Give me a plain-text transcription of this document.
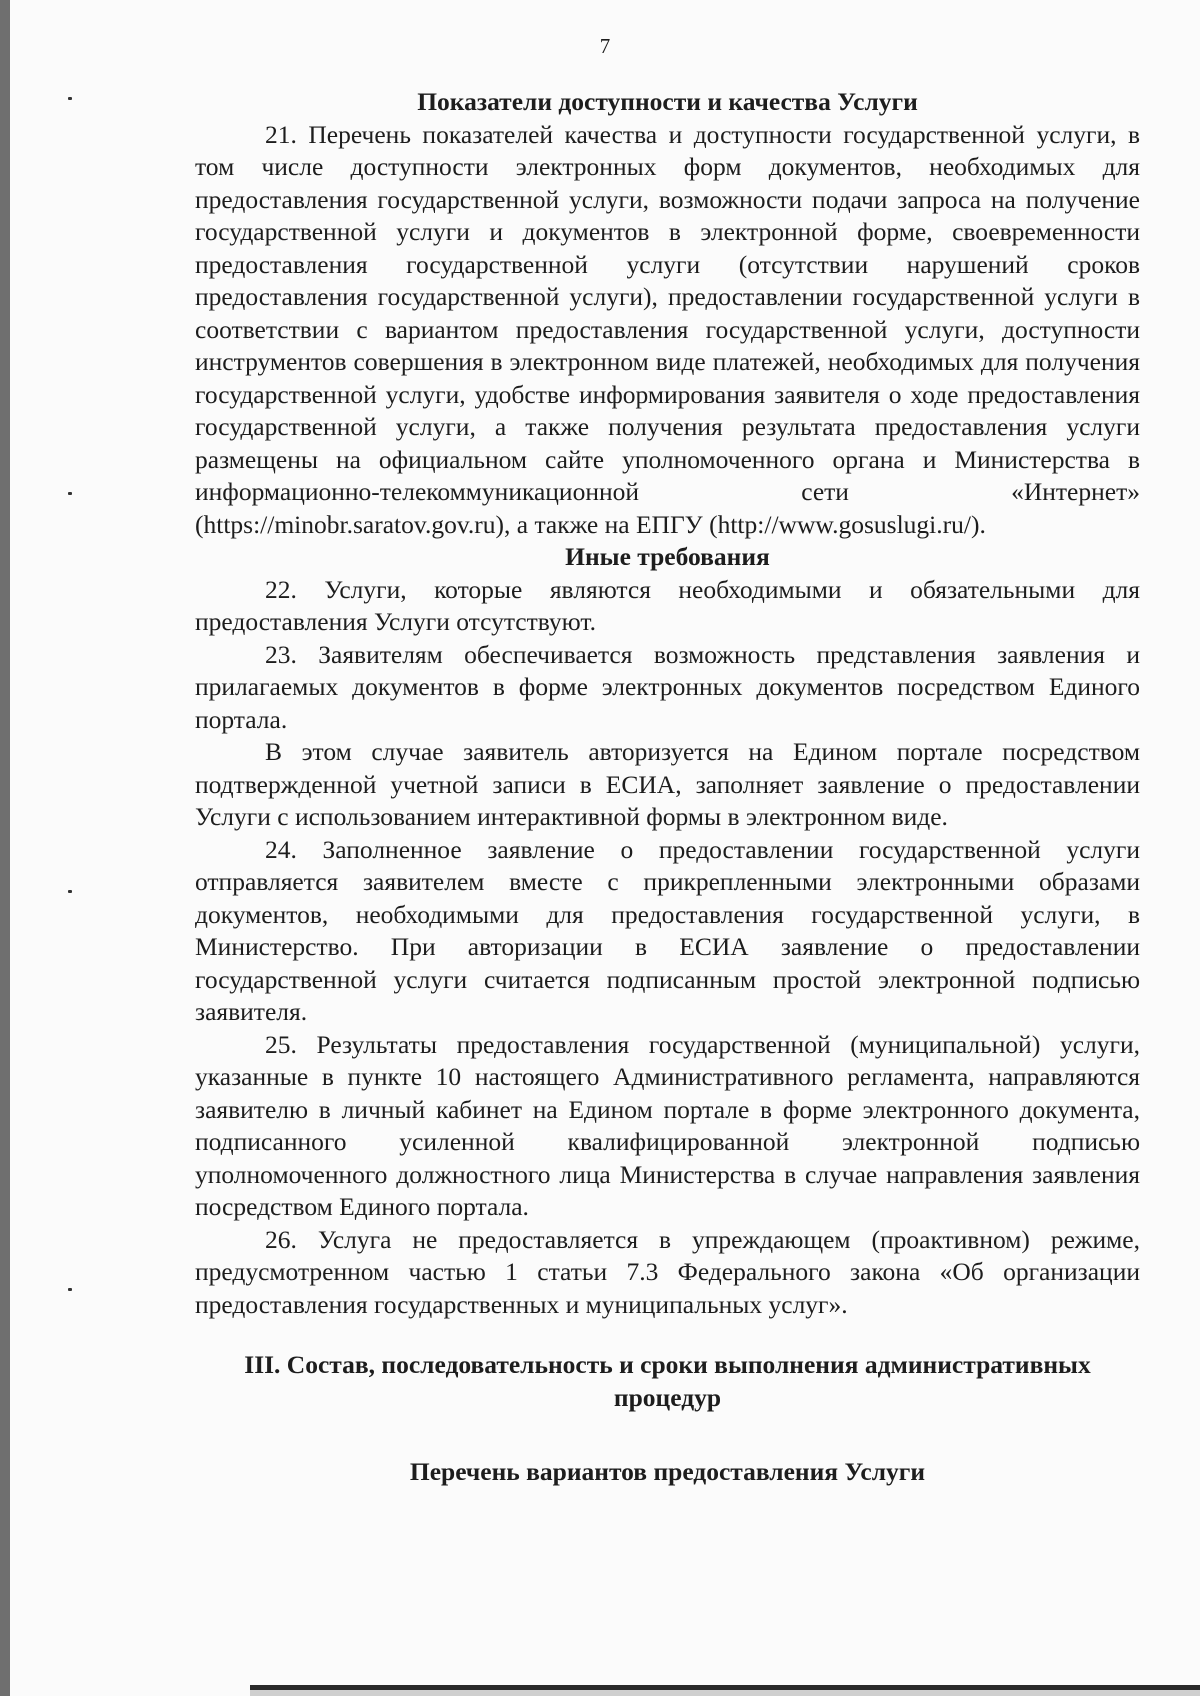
7
Показатели доступности и качества Услуги

21. Перечень показателей качества и доступности государственной услуги, в том числе доступности электронных форм документов, необходимых для предоставления государственной услуги, возможности подачи запроса на получение государственной услуги и документов в электронной форме, своевременности предоставления государственной услуги (отсутствии нарушений сроков предоставления государственной услуги), предоставлении государственной услуги в соответствии с вариантом предоставления государственной услуги, доступности инструментов совершения в электронном виде платежей, необходимых для получения государственной услуги, удобстве информирования заявителя о ходе предоставления государственной услуги, а также получения результата предоставления услуги размещены на официальном сайте уполномоченного органа и Министерства в информационно-телекоммуникационной сети «Интернет» (https://minobr.saratov.gov.ru), а также на ЕПГУ (http://www.gosuslugi.ru/).

Иные требования

22. Услуги, которые являются необходимыми и обязательными для предоставления Услуги отсутствуют.

23. Заявителям обеспечивается возможность представления заявления и прилагаемых документов в форме электронных документов посредством Единого портала.

В этом случае заявитель авторизуется на Едином портале посредством подтвержденной учетной записи в ЕСИА, заполняет заявление о предоставлении Услуги с использованием интерактивной формы в электронном виде.

24. Заполненное заявление о предоставлении государственной услуги отправляется заявителем вместе с прикрепленными электронными образами документов, необходимыми для предоставления государственной услуги, в Министерство. При авторизации в ЕСИА заявление о предоставлении государственной услуги считается подписанным простой электронной подписью заявителя.

25. Результаты предоставления государственной (муниципальной) услуги, указанные в пункте 10 настоящего Административного регламента, направляются заявителю в личный кабинет на Едином портале в форме электронного документа, подписанного усиленной квалифицированной электронной подписью уполномоченного должностного лица Министерства в случае направления заявления посредством Единого портала.

26. Услуга не предоставляется в упреждающем (проактивном) режиме, предусмотренном частью 1 статьи 7.3 Федерального закона «Об организации предоставления государственных и муниципальных услуг».

III. Состав, последовательность и сроки выполнения административных процедур
Перечень вариантов предоставления Услуги
